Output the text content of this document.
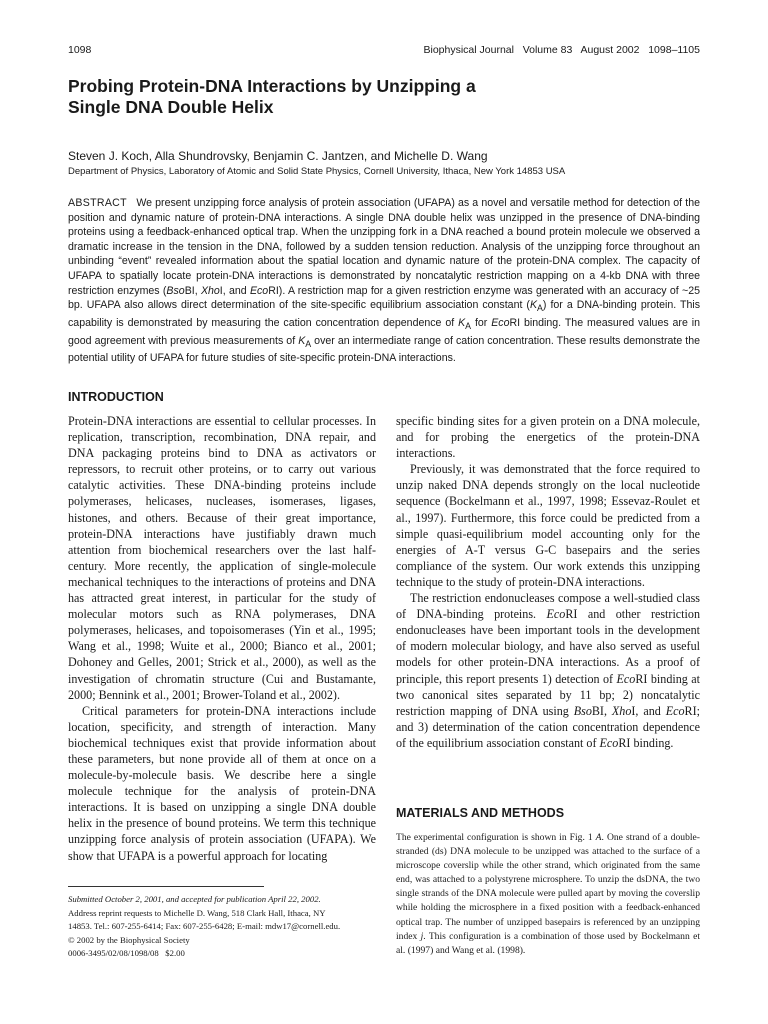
1098	Biophysical Journal   Volume 83   August 2002   1098–1105
Probing Protein-DNA Interactions by Unzipping a
Single DNA Double Helix
Steven J. Koch, Alla Shundrovsky, Benjamin C. Jantzen, and Michelle D. Wang
Department of Physics, Laboratory of Atomic and Solid State Physics, Cornell University, Ithaca, New York 14853 USA

ABSTRACT We present unzipping force analysis of protein association (UFAPA) as a novel and versatile method for detection of the position and dynamic nature of protein-DNA interactions. A single DNA double helix was unzipped in the presence of DNA-binding proteins using a feedback-enhanced optical trap. When the unzipping fork in a DNA reached a bound protein molecule we observed a dramatic increase in the tension in the DNA, followed by a sudden tension reduction. Analysis of the unzipping force throughout an unbinding “event” revealed information about the spatial location and dynamic nature of the protein-DNA complex. The capacity of UFAPA to spatially locate protein-DNA interactions is demonstrated by noncatalytic restriction mapping on a 4-kb DNA with three restriction enzymes (BsoBI, XhoI, and EcoRI). A restriction map for a given restriction enzyme was generated with an accuracy of ~25 bp. UFAPA also allows direct determination of the site-specific equilibrium association constant $(K_A)$ for a DNA-binding protein. This capability is demonstrated by measuring the cation concentration dependence of $K_A$ for EcoRI binding. The measured values are in good agreement with previous measurements of $K_A$ over an intermediate range of cation concentration. These results demonstrate the potential utility of UFAPA for future studies of site-specific protein-DNA interactions.

INTRODUCTION

Protein-DNA interactions are essential to cellular processes. In replication, transcription, recombination, DNA repair, and DNA packaging proteins bind to DNA as activators or repressors, to recruit other proteins, or to carry out various catalytic activities. These DNA-binding proteins include polymerases, helicases, nucleases, isomerases, ligases, histones, and others. Because of their great importance, protein-DNA interactions have justifiably drawn much attention from biochemical researchers over the last half-century. More recently, the application of single-molecule mechanical techniques to the interactions of proteins and DNA has attracted great interest, in particular for the study of molecular motors such as RNA polymerases, DNA polymerases, helicases, and topoisomerases (Yin et al., 1995; Wang et al., 1998; Wuite et al., 2000; Bianco et al., 2001; Dohoney and Gelles, 2001; Strick et al., 2000), as well as the investigation of chromatin structure (Cui and Bustamante, 2000; Bennink et al., 2001; Brower-Toland et al., 2002).

Critical parameters for protein-DNA interactions include location, specificity, and strength of interaction. Many biochemical techniques exist that provide information about these parameters, but none provide all of them at once on a molecule-by-molecule basis. We describe here a single molecule technique for the analysis of protein-DNA interactions. It is based on unzipping a single DNA double helix in the presence of bound proteins. We term this technique unzipping force analysis of protein association (UFAPA). We show that UFAPA is a powerful approach for locating

specific binding sites for a given protein on a DNA molecule, and for probing the energetics of the protein-DNA interactions.

Previously, it was demonstrated that the force required to unzip naked DNA depends strongly on the local nucleotide sequence (Bockelmann et al., 1997, 1998; Essevaz-Roulet et al., 1997). Furthermore, this force could be predicted from a simple quasi-equilibrium model accounting only for the energies of A-T versus G-C basepairs and the series compliance of the system. Our work extends this unzipping technique to the study of protein-DNA interactions.

The restriction endonucleases compose a well-studied class of DNA-binding proteins. EcoRI and other restriction endonucleases have been important tools in the development of modern molecular biology, and have also served as useful models for other protein-DNA interactions. As a proof of principle, this report presents 1) detection of EcoRI binding at two canonical sites separated by 11 bp; 2) noncatalytic restriction mapping of DNA using BsoBI, XhoI, and EcoRI; and 3) determination of the cation concentration dependence of the equilibrium association constant of EcoRI binding.

MATERIALS AND METHODS

The experimental configuration is shown in Fig. 1 A. One strand of a double-stranded (ds) DNA molecule to be unzipped was attached to the surface of a microscope coverslip while the other strand, which originated from the same end, was attached to a polystyrene microsphere. To unzip the dsDNA, the two single strands of the DNA molecule were pulled apart by moving the coverslip while holding the microsphere in a fixed position with a feedback-enhanced optical trap. The number of unzipped basepairs is referenced by an unzipping index j. This configuration is a combination of those used by Bockelmann et al. (1997) and Wang et al. (1998).

Submitted October 2, 2001, and accepted for publication April 22, 2002.
Address reprint requests to Michelle D. Wang, 518 Clark Hall, Ithaca, NY
14853. Tel.: 607-255-6414; Fax: 607-255-6428; E-mail: mdw17@cornell.edu.
© 2002 by the Biophysical Society
0006-3495/02/08/1098/08   $2.00
